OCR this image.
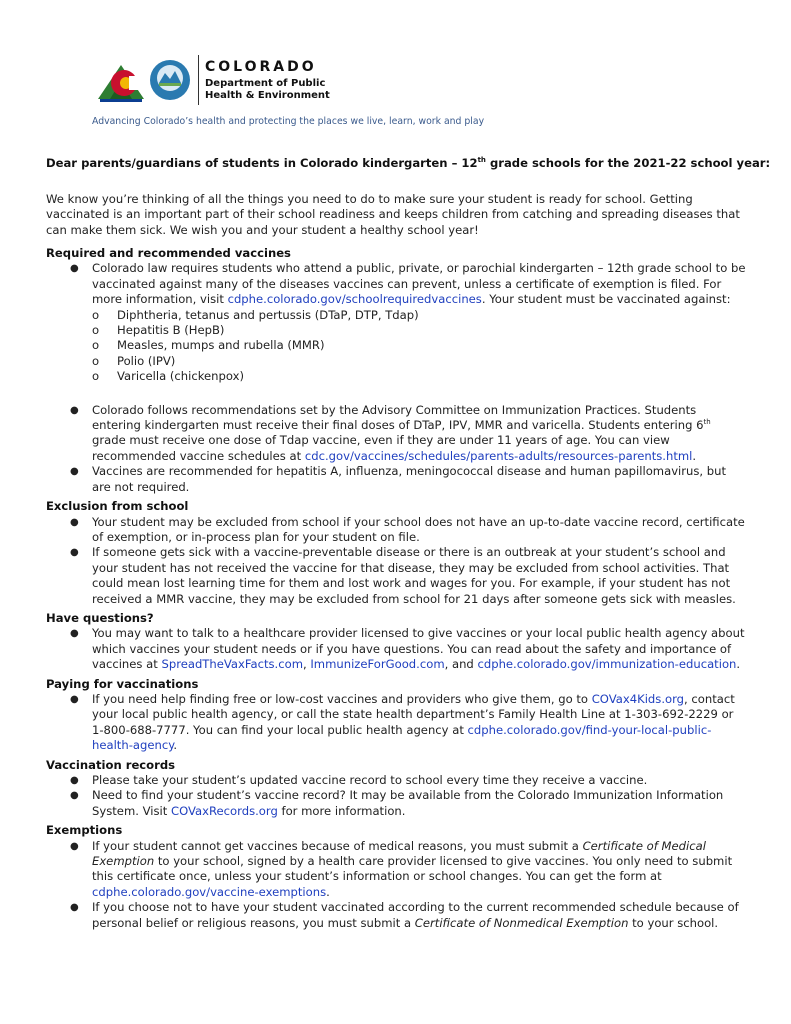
COLORADO
Department of Public
Health & Environment
Advancing Colorado’s health and protecting the places we live, learn, work and play
Dear parents/guardians of students in Colorado kindergarten – 12th grade schools for the 2021-22 school year:
We know you’re thinking of all the things you need to do to make sure your student is ready for school. Getting vaccinated is an important part of their school readiness and keeps children from catching and spreading diseases that can make them sick. We wish you and your student a healthy school year!
Required and recommended vaccines
● Colorado law requires students who attend a public, private, or parochial kindergarten – 12th grade school to be vaccinated against many of the diseases vaccines can prevent, unless a certificate of exemption is filed. For more information, visit cdphe.colorado.gov/schoolrequiredvaccines. Your student must be vaccinated against:
o Diphtheria, tetanus and pertussis (DTaP, DTP, Tdap)
o Hepatitis B (HepB)
o Measles, mumps and rubella (MMR)
o Polio (IPV)
o Varicella (chickenpox)
● Colorado follows recommendations set by the Advisory Committee on Immunization Practices. Students entering kindergarten must receive their final doses of DTaP, IPV, MMR and varicella. Students entering 6th grade must receive one dose of Tdap vaccine, even if they are under 11 years of age. You can view recommended vaccine schedules at cdc.gov/vaccines/schedules/parents-adults/resources-parents.html.
● Vaccines are recommended for hepatitis A, influenza, meningococcal disease and human papillomavirus, but are not required.
Exclusion from school
● Your student may be excluded from school if your school does not have an up-to-date vaccine record, certificate of exemption, or in-process plan for your student on file.
● If someone gets sick with a vaccine-preventable disease or there is an outbreak at your student’s school and your student has not received the vaccine for that disease, they may be excluded from school activities. That could mean lost learning time for them and lost work and wages for you. For example, if your student has not received a MMR vaccine, they may be excluded from school for 21 days after someone gets sick with measles.
Have questions?
● You may want to talk to a healthcare provider licensed to give vaccines or your local public health agency about which vaccines your student needs or if you have questions. You can read about the safety and importance of vaccines at SpreadTheVaxFacts.com, ImmunizeForGood.com, and cdphe.colorado.gov/immunization-education.
Paying for vaccinations
● If you need help finding free or low-cost vaccines and providers who give them, go to COVax4Kids.org, contact your local public health agency, or call the state health department’s Family Health Line at 1-303-692-2229 or 1-800-688-7777. You can find your local public health agency at cdphe.colorado.gov/find-your-local-public-health-agency.
Vaccination records
● Please take your student’s updated vaccine record to school every time they receive a vaccine.
● Need to find your student’s vaccine record? It may be available from the Colorado Immunization Information System. Visit COVaxRecords.org for more information.
Exemptions
● If your student cannot get vaccines because of medical reasons, you must submit a Certificate of Medical Exemption to your school, signed by a health care provider licensed to give vaccines. You only need to submit this certificate once, unless your student’s information or school changes. You can get the form at cdphe.colorado.gov/vaccine-exemptions.
● If you choose not to have your student vaccinated according to the current recommended schedule because of personal belief or religious reasons, you must submit a Certificate of Nonmedical Exemption to your school.
